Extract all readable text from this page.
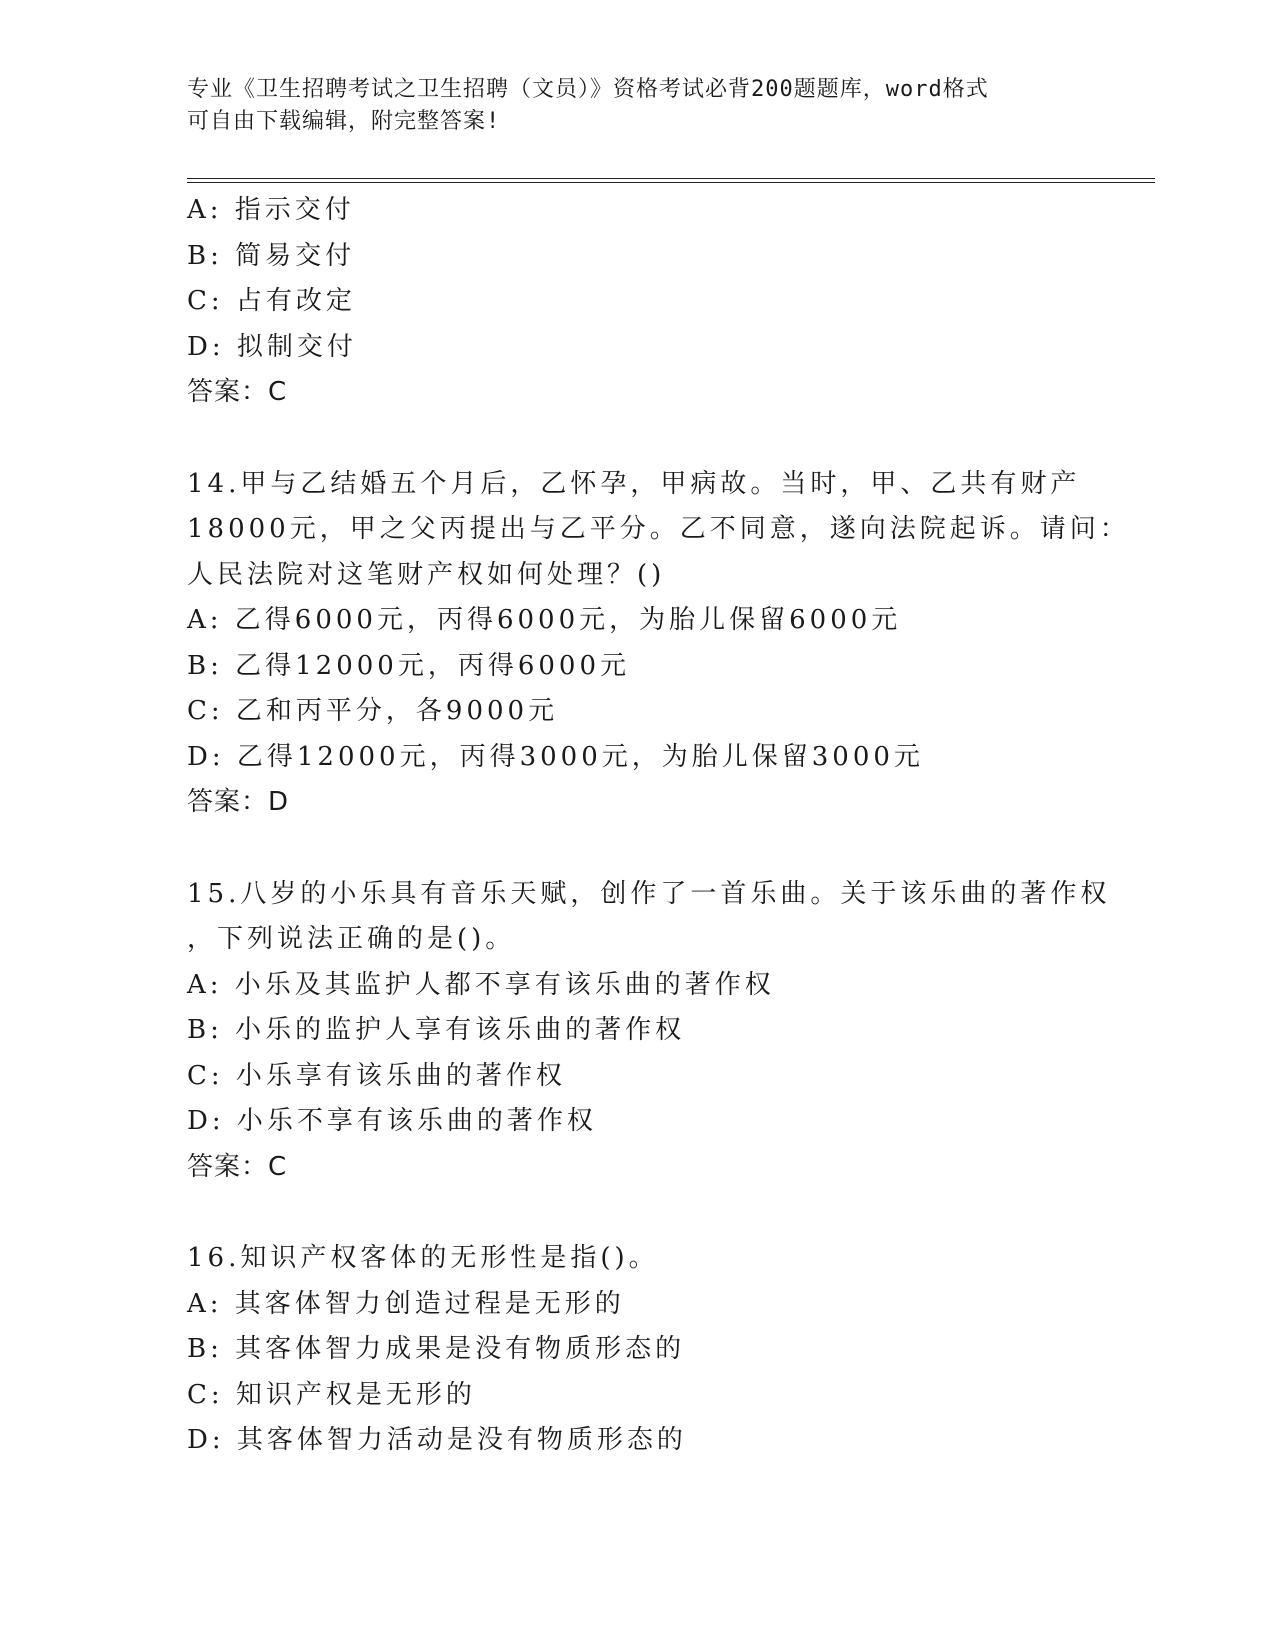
专业《卫生招聘考试之卫生招聘（文员）》资格考试必背200题题库，word格式
可自由下载编辑，附完整答案!
A: 指示交付
B: 简易交付
C: 占有改定
D: 拟制交付
答案：C
14.甲与乙结婚五个月后，乙怀孕，甲病故。当时，甲、乙共有财产
18000元，甲之父丙提出与乙平分。乙不同意，遂向法院起诉。请问：
人民法院对这笔财产权如何处理？()
A: 乙得6000元，丙得6000元，为胎儿保留6000元
B: 乙得12000元，丙得6000元
C: 乙和丙平分，各9000元
D: 乙得12000元，丙得3000元，为胎儿保留3000元
答案：D
15.八岁的小乐具有音乐天赋，创作了一首乐曲。关于该乐曲的著作权
，下列说法正确的是()。
A: 小乐及其监护人都不享有该乐曲的著作权
B: 小乐的监护人享有该乐曲的著作权
C: 小乐享有该乐曲的著作权
D: 小乐不享有该乐曲的著作权
答案：C
16.知识产权客体的无形性是指()。
A: 其客体智力创造过程是无形的
B: 其客体智力成果是没有物质形态的
C: 知识产权是无形的
D: 其客体智力活动是没有物质形态的
